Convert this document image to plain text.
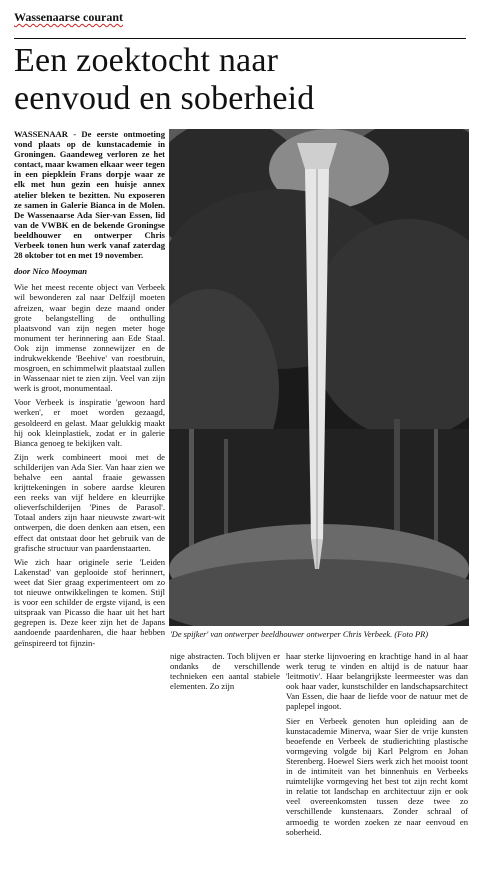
Wassenaarse courant
Een zoektocht naar
eenvoud en soberheid

WASSENAAR - De eerste ontmoeting vond plaats op de kunstacademie in Groningen. Gaandeweg verloren ze het contact, maar kwamen elkaar weer tegen in een piepklein Frans dorpje waar ze elk met hun gezin een huisje annex atelier bleken te bezitten. Nu exposeren ze samen in Galerie Bianca in de Molen. De Wassenaarse Ada Sier-van Essen, lid van de VWBK en de bekende Groningse beeldhouwer en ontwerper Chris Verbeek tonen hun werk vanaf zaterdag 28 oktober tot en met 19 november.

door Nico Mooyman

Wie het meest recente object van Verbeek wil bewonderen zal naar Delfzijl moeten afreizen, waar begin deze maand onder grote belangstelling de onthulling plaatsvond van zijn negen meter hoge monument ter herinnering aan Ede Staal. Ook zijn immense zonnewijzer en de indrukwekkende 'Beehive' van roestbruin, mosgroen, en schimmelwit plaatstaal zullen in Wassenaar niet te zien zijn. Veel van zijn werk is groot, monumentaal.

Voor Verbeek is inspiratie 'gewoon hard werken', er moet worden gezaagd, gesoldeerd en gelast. Maar gelukkig maakt hij ook kleinplastiek, zodat er in galerie Bianca genoeg te bekijken valt.

Zijn werk combineert mooi met de schilderijen van Ada Sier. Van haar zien we behalve een aantal fraaie gewassen krijttekeningen in sobere aardse kleuren een reeks van vijf heldere en kleurrijke olieverfschilderijen 'Pines de Parasol'. Totaal anders zijn haar nieuwste zwart-wit ontwerpen, die doen denken aan etsen, een effect dat ontstaat door het gebruik van de grafische structuur van paardenstaarten.

Wie zich haar originele serie 'Leiden Lakenstad' van geplooide stof herinnert, weet dat Sier graag experimenteert om zo tot nieuwe ontwikkelingen te komen. Stijl is voor een schilder de ergste vijand, is een uitspraak van Picasso die haar uit het hart gegrepen is. Deze keer zijn het de Japans aandoende paardenharen, die haar hebben geïnspireerd tot fijnzin-

'De spijker' van ontwerper beeldhouwer ontwerper Chris Verbeek. (Foto PR)

nige abstracten. Toch blijven er ondanks de verschillende technieken een aantal stabiele elementen. Zo zijn

haar sterke lijnvoering en krachtige hand in al haar werk terug te vinden en altijd is de natuur haar 'leitmotiv'. Haar belangrijkste leermeester was dan ook haar vader, kunstschilder en landschapsarchitect Van Essen, die haar de liefde voor de natuur met de paplepel ingoot.

Sier en Verbeek genoten hun opleiding aan de kunstacademie Minerva, waar Sier de vrije kunsten beoefende en Verbeek de studierichting plastische vormgeving volgde bij Karl Pelgrom en Johan Sterenberg. Hoewel Siers werk zich het mooist toont in de intimiteit van het binnenhuis en Verbeeks ruimtelijke vormgeving het best tot zijn recht komt in relatie tot landschap en architectuur zijn er ook veel overeenkomsten tussen deze twee zo verschillende kunstenaars. Zonder schraal of armoedig te worden zoeken ze naar eenvoud en soberheid.
